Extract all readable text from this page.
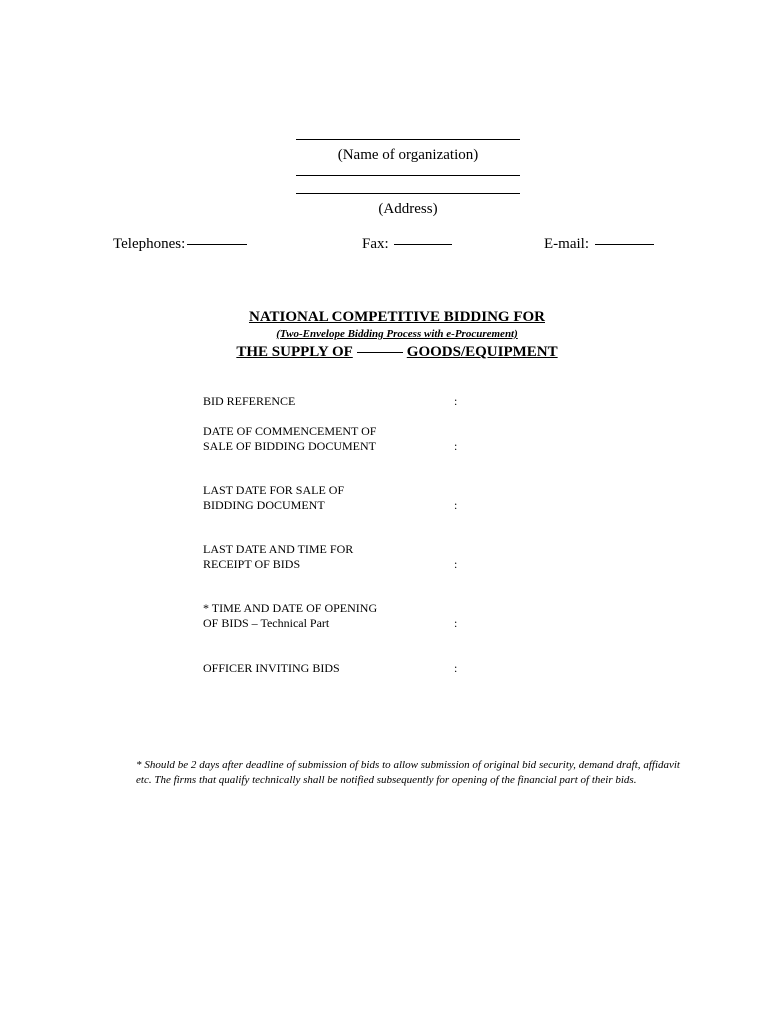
(Name of organization)
(Address)
Telephones:	Fax:	E-mail:
NATIONAL COMPETITIVE BIDDING FOR
(Two-Envelope Bidding Process with e-Procurement)
THE SUPPLY OF	GOODS/EQUIPMENT
BID REFERENCE	:
DATE OF COMMENCEMENT OF
SALE OF BIDDING DOCUMENT	:
LAST DATE FOR SALE OF
BIDDING DOCUMENT	:
LAST DATE AND TIME FOR
RECEIPT OF BIDS	:
* TIME AND DATE OF OPENING
OF BIDS – Technical Part	:
OFFICER INVITING BIDS	:
* Should be 2 days after deadline of submission of bids to allow submission of original bid security, demand draft, affidavit etc. The firms that qualify technically shall be notified subsequently for opening of the financial part of their bids.
